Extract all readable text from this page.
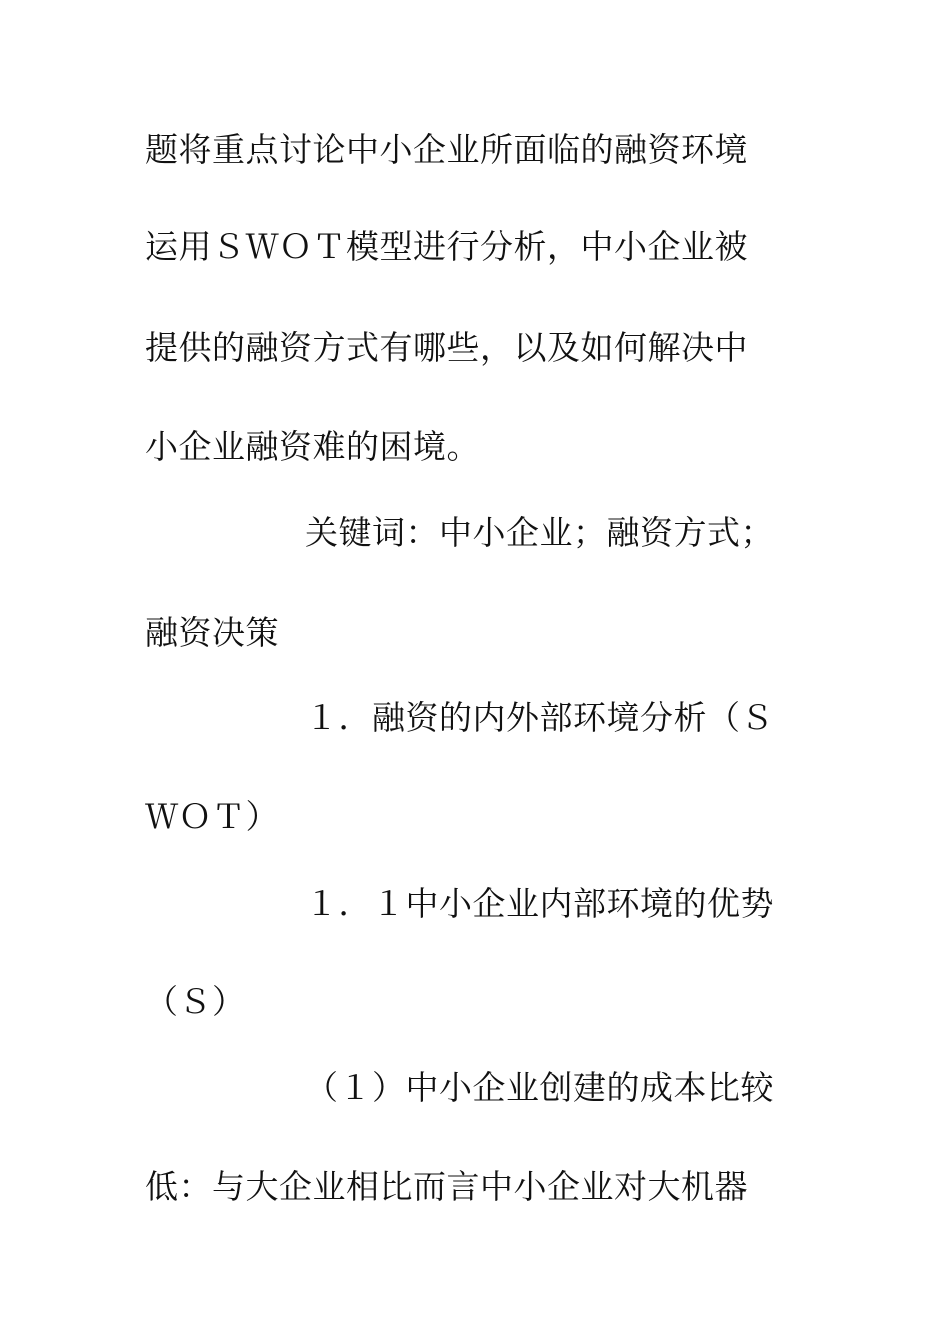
题将重点讨论中小企业所面临的融资环境
运用ＳＷＯＴ模型进行分析，中小企业被
提供的融资方式有哪些，以及如何解决中
小企业融资难的困境。
关键词：中小企业；融资方式；
融资决策
１．融资的内外部环境分析（Ｓ
ＷＯＴ）
１．１中小企业内部环境的优势
（Ｓ）
（１）中小企业创建的成本比较
低：与大企业相比而言中小企业对大机器
